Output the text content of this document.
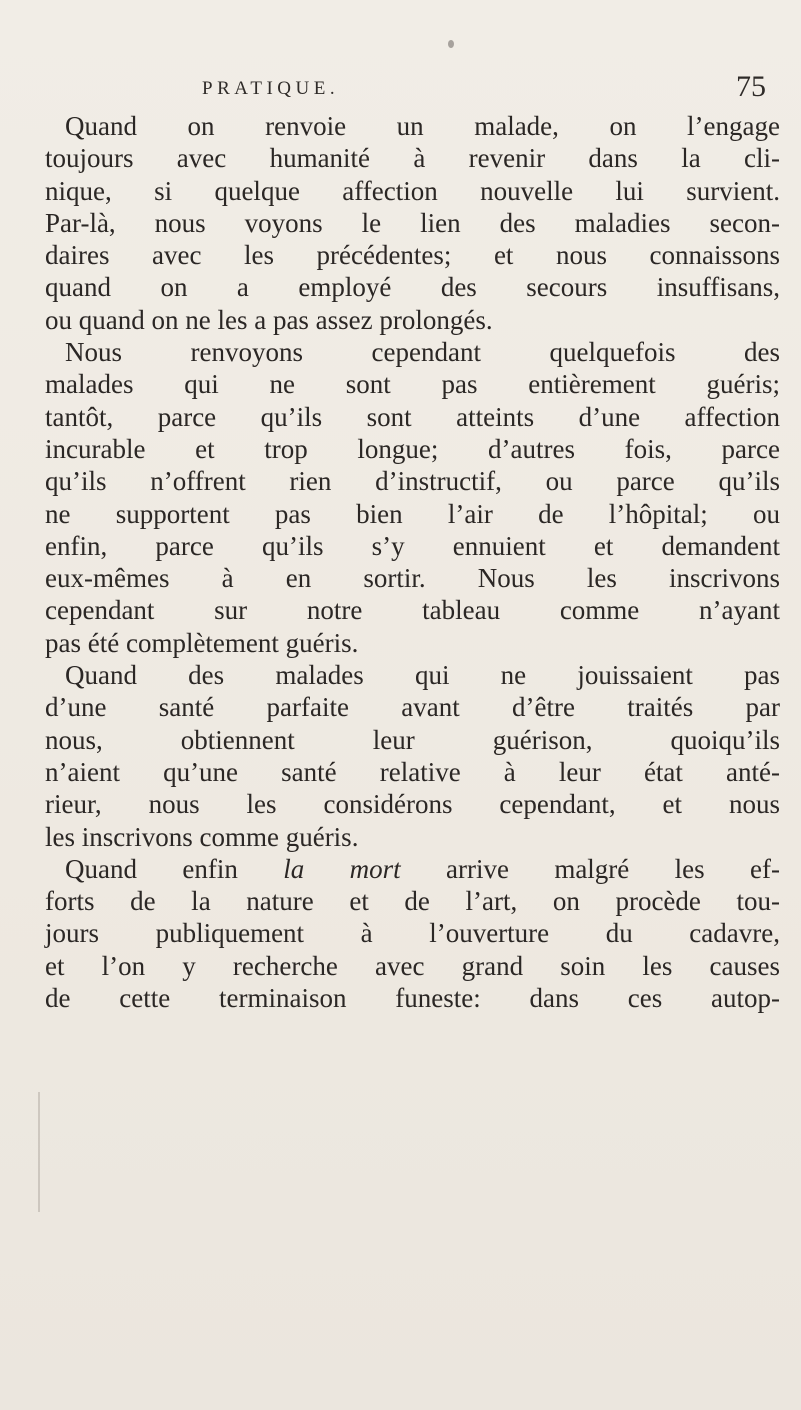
PRATIQUE.	75
Quand on renvoie un malade, on l’engage
toujours avec humanité à revenir dans la cli-
nique, si quelque affection nouvelle lui survient.
Par-là, nous voyons le lien des maladies secon-
daires avec les précédentes; et nous connaissons
quand on a employé des secours insuffisans,
ou quand on ne les a pas assez prolongés.
Nous renvoyons cependant quelquefois des
malades qui ne sont pas entièrement guéris;
tantôt, parce qu’ils sont atteints d’une affection
incurable et trop longue; d’autres fois, parce
qu’ils n’offrent rien d’instructif, ou parce qu’ils
ne supportent pas bien l’air de l’hôpital; ou
enfin, parce qu’ils s’y ennuient et demandent
eux-mêmes à en sortir. Nous les inscrivons
cependant sur notre tableau comme n’ayant
pas été complètement guéris.
Quand des malades qui ne jouissaient pas
d’une santé parfaite avant d’être traités par
nous, obtiennent leur guérison, quoiqu’ils
n’aient qu’une santé relative à leur état anté-
rieur, nous les considérons cependant, et nous
les inscrivons comme guéris.
Quand enfin la mort arrive malgré les ef-
forts de la nature et de l’art, on procède tou-
jours publiquement à l’ouverture du cadavre,
et l’on y recherche avec grand soin les causes
de cette terminaison funeste: dans ces autop-
